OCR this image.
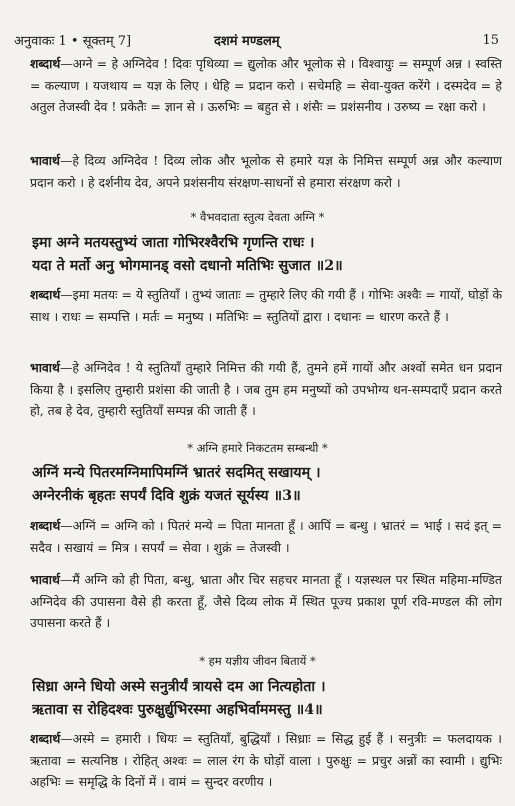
अनुवाकः 1 • सूक्तम् 7]	दशमं मण्डलम्	15
शब्दार्थ—अग्ने = हे अग्निदेव ! दिवः पृथिव्या = द्युलोक और भूलोक से । विश्वायुः = सम्पूर्ण अन्न । स्वस्ति = कल्याण । यजथाय = यज्ञ के लिए । धेहि = प्रदान करो । सचेमहि = सेवा-युक्त करेंगे । दस्मदेव = हे अतुल तेजस्वी देव ! प्रकेतैः = ज्ञान से । ऊरुभिः = बहुत से । शंसैः = प्रशंसनीय । उरुष्य = रक्षा करो ।
भावार्थ—हे दिव्य अग्निदेव ! दिव्य लोक और भूलोक से हमारे यज्ञ के निमित्त सम्पूर्ण अन्न और कल्याण प्रदान करो । हे दर्शनीय देव, अपने प्रशंसनीय संरक्षण-साधनों से हमारा संरक्षण करो ।
* वैभवदाता स्तुत्य देवता अग्नि *
इमा अग्ने मतयस्तुभ्यं जाता गोभिरश्वैरभि गृणन्ति राधः ।
यदा ते मर्तो अनु भोगमानड् वसो दधानो मतिभिः सुजात ॥2॥
शब्दार्थ—इमा मतयः = ये स्तुतियाँ । तुभ्यं जाताः = तुम्हारे लिए की गयी हैं । गोभिः अश्वैः = गायों, घोड़ों के साथ । राधः = सम्पत्ति । मर्तः = मनुष्य । मतिभिः = स्तुतियों द्वारा । दधानः = धारण करते हैं ।
भावार्थ—हे अग्निदेव ! ये स्तुतियाँ तुम्हारे निमित्त की गयी हैं, तुमने हमें गायों और अश्वों समेत धन प्रदान किया है । इसलिए तुम्हारी प्रशंसा की जाती है । जब तुम हम मनुष्यों को उपभोग्य धन-सम्पदाएँ प्रदान करते हो, तब हे देव, तुम्हारी स्तुतियाँ सम्पन्न की जाती हैं ।
* अग्नि हमारे निकटतम सम्बन्धी *
अग्निं मन्ये पितरमग्निमापिमग्निं भ्रातरं सदमित् सखायम् ।
अग्नेरनीकं बृहतः सपर्यं दिवि शुक्रं यजतं सूर्यस्य ॥3॥
शब्दार्थ—अग्निं = अग्नि को । पितरं मन्ये = पिता मानता हूँ । आपिं = बन्धु । भ्रातरं = भाई । सदं इत् = सदैव । सखायं = मित्र । सपर्यं = सेवा । शुक्रं = तेजस्वी ।
भावार्थ—मैं अग्नि को ही पिता, बन्धु, भ्राता और चिर सहचर मानता हूँ । यज्ञस्थल पर स्थित महिमा-मण्डित अग्निदेव की उपासना वैसे ही करता हूँ, जैसे दिव्य लोक में स्थित पूज्य प्रकाश पूर्ण रवि-मण्डल की लोग उपासना करते हैं ।
* हम यज्ञीय जीवन बितायें *
सिध्रा अग्ने धियो अस्मे सनुत्रीर्यं त्रायसे दम आ नित्यहोता ।
ऋतावा स रोहिदश्वः पुरुक्षुर्द्युभिरस्मा अहभिर्वाममस्तु ॥4॥
शब्दार्थ—अस्मे = हमारी । धियः = स्तुतियाँ, बुद्धियाँ । सिध्राः = सिद्ध हुई हैं । सनुत्रीः = फलदायक । ऋतावा = सत्यनिष्ठ । रोहित् अश्वः = लाल रंग के घोड़ों वाला । पुरुक्षुः = प्रचुर अन्नों का स्वामी । द्युभिः अहभिः = समृद्धि के दिनों में । वामं = सुन्दर वरणीय ।
